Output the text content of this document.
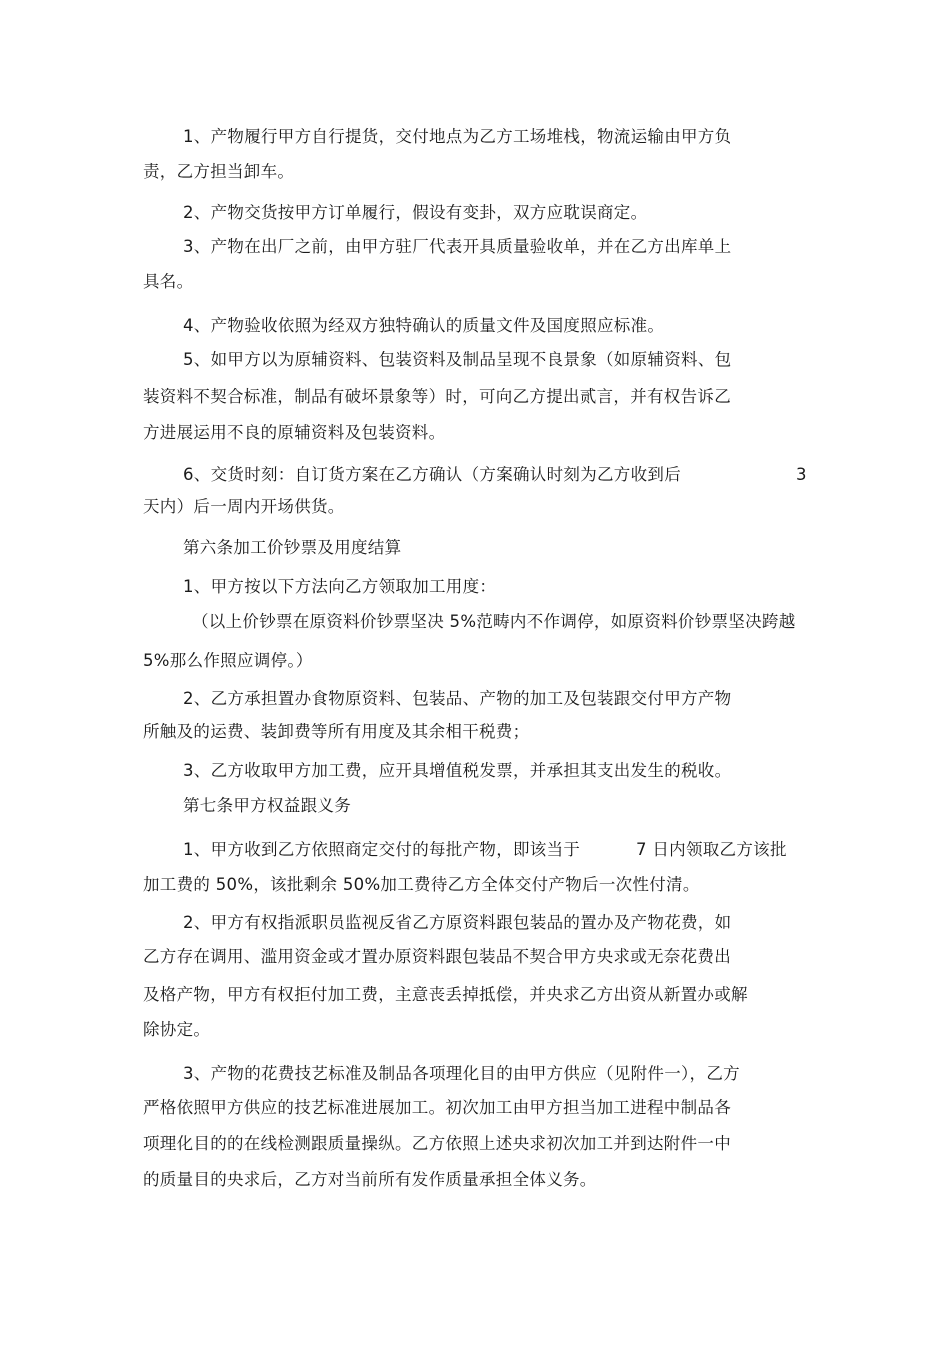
1、产物履行甲方自行提货，交付地点为乙方工场堆栈，物流运输由甲方负
责，乙方担当卸车。
2、产物交货按甲方订单履行，假设有变卦，双方应耽误商定。
3、产物在出厂之前，由甲方驻厂代表开具质量验收单，并在乙方出库单上
具名。
4、产物验收依照为经双方独特确认的质量文件及国度照应标准。
5、如甲方以为原辅资料、包装资料及制品呈现不良景象（如原辅资料、包
装资料不契合标准，制品有破坏景象等）时，可向乙方提出贰言，并有权告诉乙
方进展运用不良的原辅资料及包装资料。
6、交货时刻：自订货方案在乙方确认（方案确认时刻为乙方收到后	3
天内）后一周内开场供货。
第六条加工价钞票及用度结算
1、甲方按以下方法向乙方领取加工用度：
（以上价钞票在原资料价钞票坚决 5%范畴内不作调停，如原资料价钞票坚决跨越
5%那么作照应调停。）
2、乙方承担置办食物原资料、包装品、产物的加工及包装跟交付甲方产物
所触及的运费、装卸费等所有用度及其余相干税费；
3、乙方收取甲方加工费，应开具增值税发票，并承担其支出发生的税收。
第七条甲方权益跟义务
1、甲方收到乙方依照商定交付的每批产物，即该当于	7 日内领取乙方该批
加工费的 50%，该批剩余 50%加工费待乙方全体交付产物后一次性付清。
2、甲方有权指派职员监视反省乙方原资料跟包装品的置办及产物花费，如
乙方存在调用、滥用资金或才置办原资料跟包装品不契合甲方央求或无奈花费出
及格产物，甲方有权拒付加工费，主意丧丢掉抵偿，并央求乙方出资从新置办或解
除协定。
3、产物的花费技艺标准及制品各项理化目的由甲方供应（见附件一），乙方
严格依照甲方供应的技艺标准进展加工。初次加工由甲方担当加工进程中制品各
项理化目的的在线检测跟质量操纵。乙方依照上述央求初次加工并到达附件一中
的质量目的央求后，乙方对当前所有发作质量承担全体义务。
